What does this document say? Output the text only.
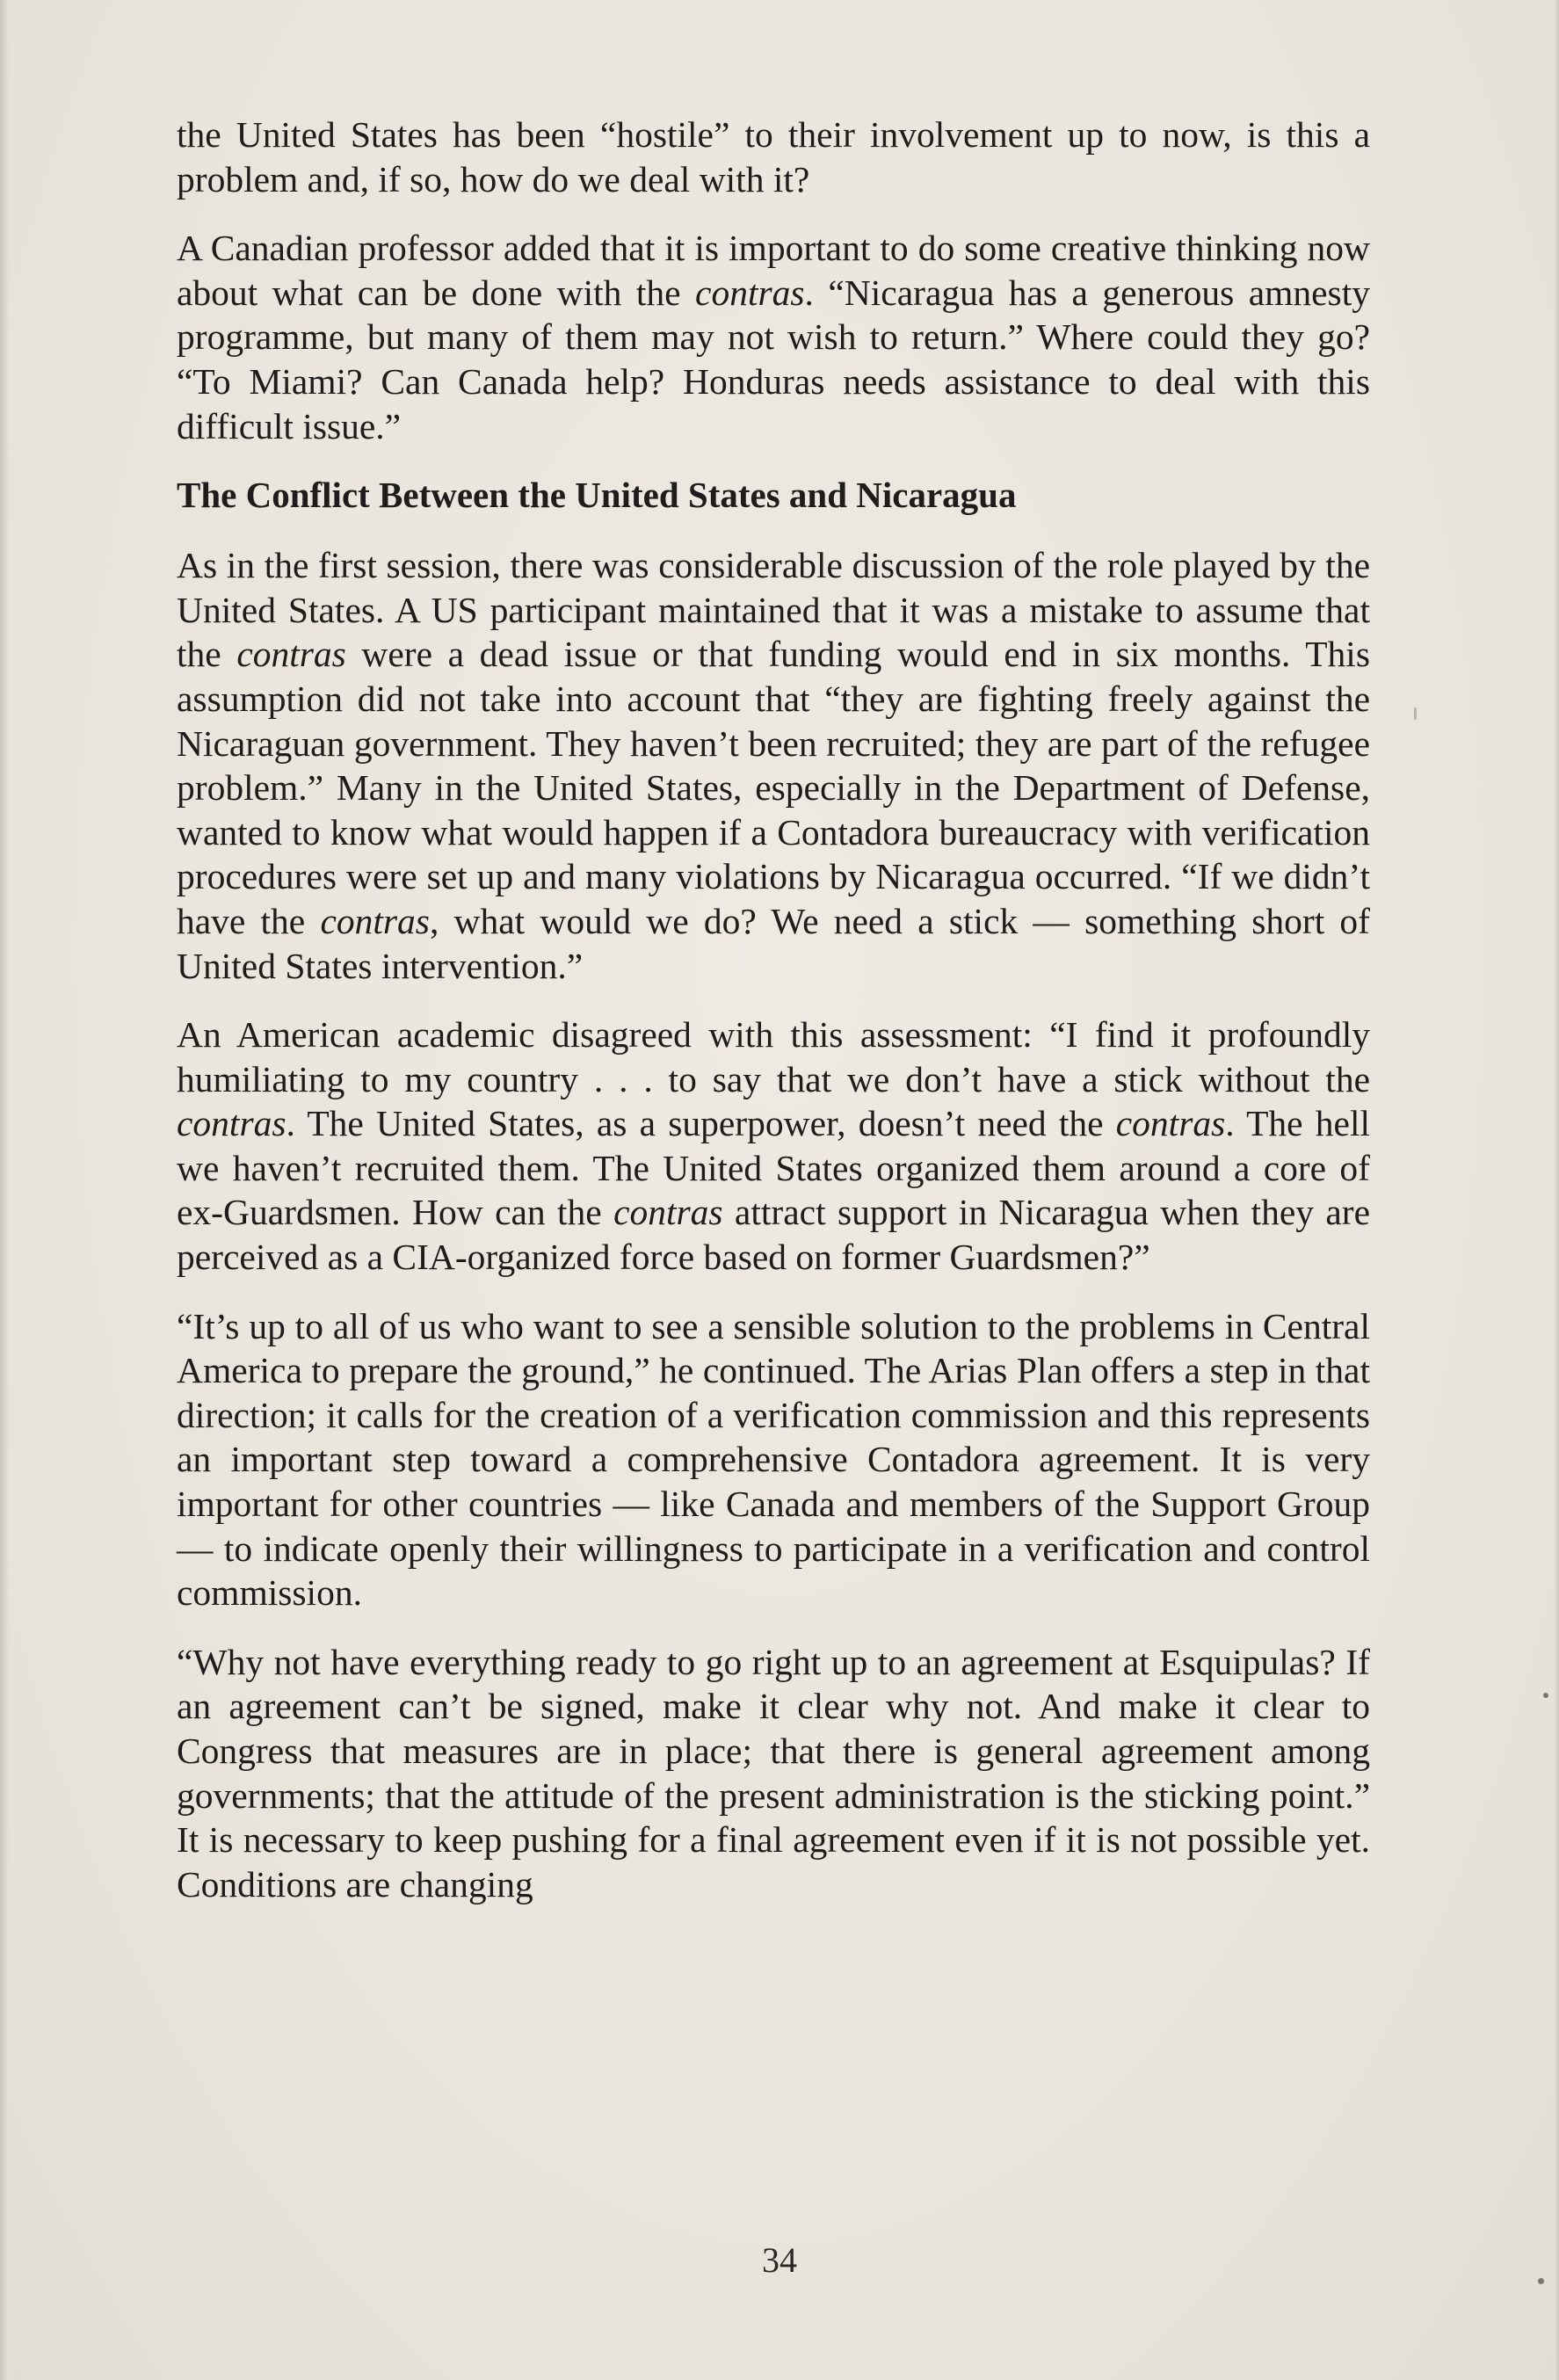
the United States has been “hostile” to their involvement up to now, is this a problem and, if so, how do we deal with it?

A Canadian professor added that it is important to do some creative thinking now about what can be done with the contras. “Nicaragua has a generous amnesty programme, but many of them may not wish to return.” Where could they go? “To Miami? Can Canada help? Honduras needs assistance to deal with this difficult issue.”

The Conflict Between the United States and Nicaragua

As in the first session, there was considerable discussion of the role played by the United States. A US participant maintained that it was a mistake to assume that the contras were a dead issue or that funding would end in six months. This assumption did not take into account that “they are fighting freely against the Nicaraguan government. They haven’t been recruited; they are part of the refugee problem.” Many in the United States, especially in the Department of Defense, wanted to know what would happen if a Contadora bureaucracy with verification procedures were set up and many violations by Nicaragua occurred. “If we didn’t have the contras, what would we do? We need a stick — something short of United States intervention.”

An American academic disagreed with this assessment: “I find it profoundly humiliating to my country . . . to say that we don’t have a stick without the contras. The United States, as a superpower, doesn’t need the contras. The hell we haven’t recruited them. The United States organized them around a core of ex-Guardsmen. How can the contras attract support in Nicaragua when they are perceived as a CIA-organized force based on former Guardsmen?”

“It’s up to all of us who want to see a sensible solution to the problems in Central America to prepare the ground,” he continued. The Arias Plan offers a step in that direction; it calls for the creation of a verification commission and this represents an important step toward a comprehensive Contadora agreement. It is very important for other countries — like Canada and members of the Support Group — to indicate openly their willingness to participate in a verification and control commission.

“Why not have everything ready to go right up to an agreement at Esquipulas? If an agreement can’t be signed, make it clear why not. And make it clear to Congress that measures are in place; that there is general agreement among governments; that the attitude of the present administration is the sticking point.” It is necessary to keep pushing for a final agreement even if it is not possible yet. Conditions are changing

34
